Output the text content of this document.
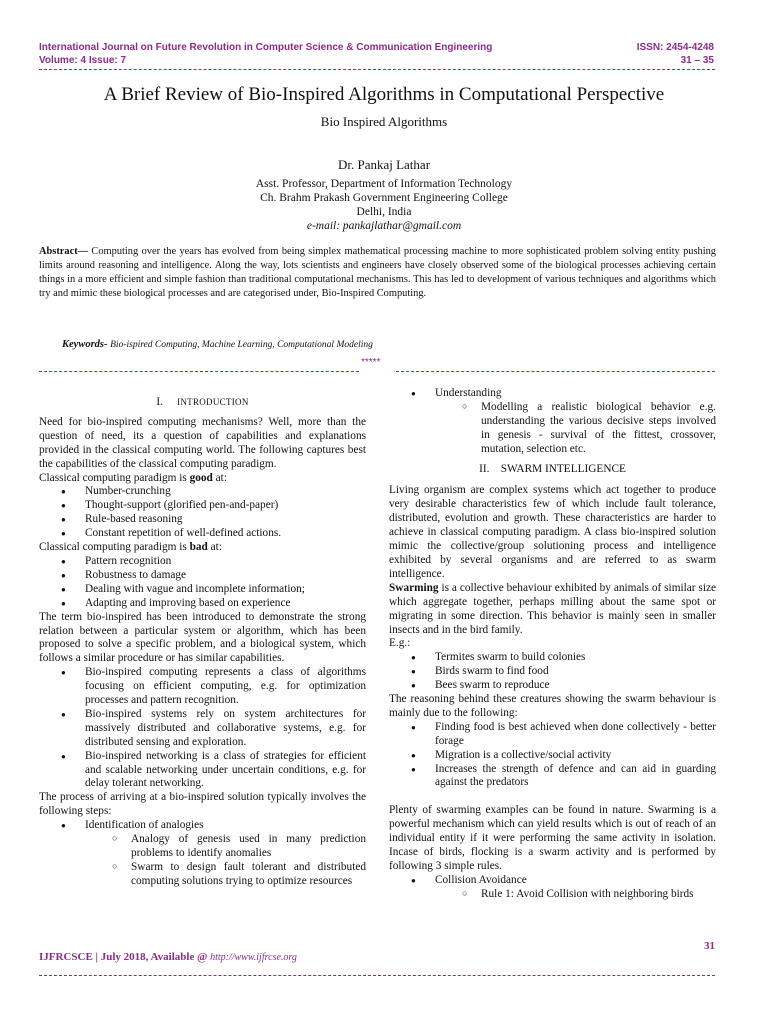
International Journal on Future Revolution in Computer Science & Communication Engineering	ISSN: 2454-4248
Volume: 4 Issue: 7	31 – 35
A Brief Review of Bio-Inspired Algorithms in Computational Perspective
Bio Inspired Algorithms
Dr. Pankaj Lathar
Asst. Professor, Department of Information Technology
Ch. Brahm Prakash Government Engineering College
Delhi, India
e-mail: pankajlathar@gmail.com
Abstract— Computing over the years has evolved from being simplex mathematical processing machine to more sophisticated problem solving entity pushing limits around reasoning and intelligence. Along the way, lots scientists and engineers have closely observed some of the biological processes achieving certain things in a more efficient and simple fashion than traditional computational mechanisms. This has led to development of various techniques and algorithms which try and mimic these biological processes and are categorised under, Bio-Inspired Computing.
Keywords- Bio-ispired Computing, Machine Learning, Computational Modeling
*****

I. INTRODUCTION

Need for bio-inspired computing mechanisms? Well, more than the question of need, its a question of capabilities and explanations provided in the classical computing world. The following captures best the capabilities of the classical computing paradigm.

Classical computing paradigm is good at:

● Number-crunching
● Thought-support (glorified pen-and-paper)
● Rule-based reasoning
● Constant repetition of well-defined actions.

Classical computing paradigm is bad at:

● Pattern recognition
● Robustness to damage
● Dealing with vague and incomplete information;
● Adapting and improving based on experience

The term bio-inspired has been introduced to demonstrate the strong relation between a particular system or algorithm, which has been proposed to solve a specific problem, and a biological system, which follows a similar procedure or has similar capabilities.

● Bio-inspired computing represents a class of algorithms focusing on efficient computing, e.g. for optimization processes and pattern recognition.
● Bio-inspired systems rely on system architectures for massively distributed and collaborative systems, e.g. for distributed sensing and exploration.
● Bio-inspired networking is a class of strategies for efficient and scalable networking under uncertain conditions, e.g. for delay tolerant networking.

The process of arriving at a bio-inspired solution typically involves the following steps:

● Identification of analogies
○ Analogy of genesis used in many prediction problems to identify anomalies
○ Swarm to design fault tolerant and distributed computing solutions trying to optimize resources
● Understanding
○ Modelling a realistic biological behavior e.g. understanding the various decisive steps involved in genesis - survival of the fittest, crossover, mutation, selection etc.

II. SWARM INTELLIGENCE

Living organism are complex systems which act together to produce very desirable characteristics few of which include fault tolerance, distributed, evolution and growth. These characteristics are harder to achieve in classical computing paradigm. A class bio-inspired solution mimic the collective/group solutioning process and intelligence exhibited by several organisms and are referred to as swarm intelligence.

Swarming is a collective behaviour exhibited by animals of similar size which aggregate together, perhaps milling about the same spot or migrating in some direction. This behavior is mainly seen in smaller insects and in the bird family.

E.g.:

● Termites swarm to build colonies
● Birds swarm to find food
● Bees swarm to reproduce

The reasoning behind these creatures showing the swarm behaviour is mainly due to the following:

● Finding food is best achieved when done collectively - better forage
● Migration is a collective/social activity
● Increases the strength of defence and can aid in guarding against the predators

Plenty of swarming examples can be found in nature. Swarming is a powerful mechanism which can yield results which is out of reach of an individual entity if it were performing the same activity in isolation. Incase of birds, flocking is a swarm activity and is performed by following 3 simple rules.

● Collision Avoidance
○ Rule 1: Avoid Collision with neighboring birds
31
IJFRCSCE | July 2018, Available @ http://www.ijfrcse.org
